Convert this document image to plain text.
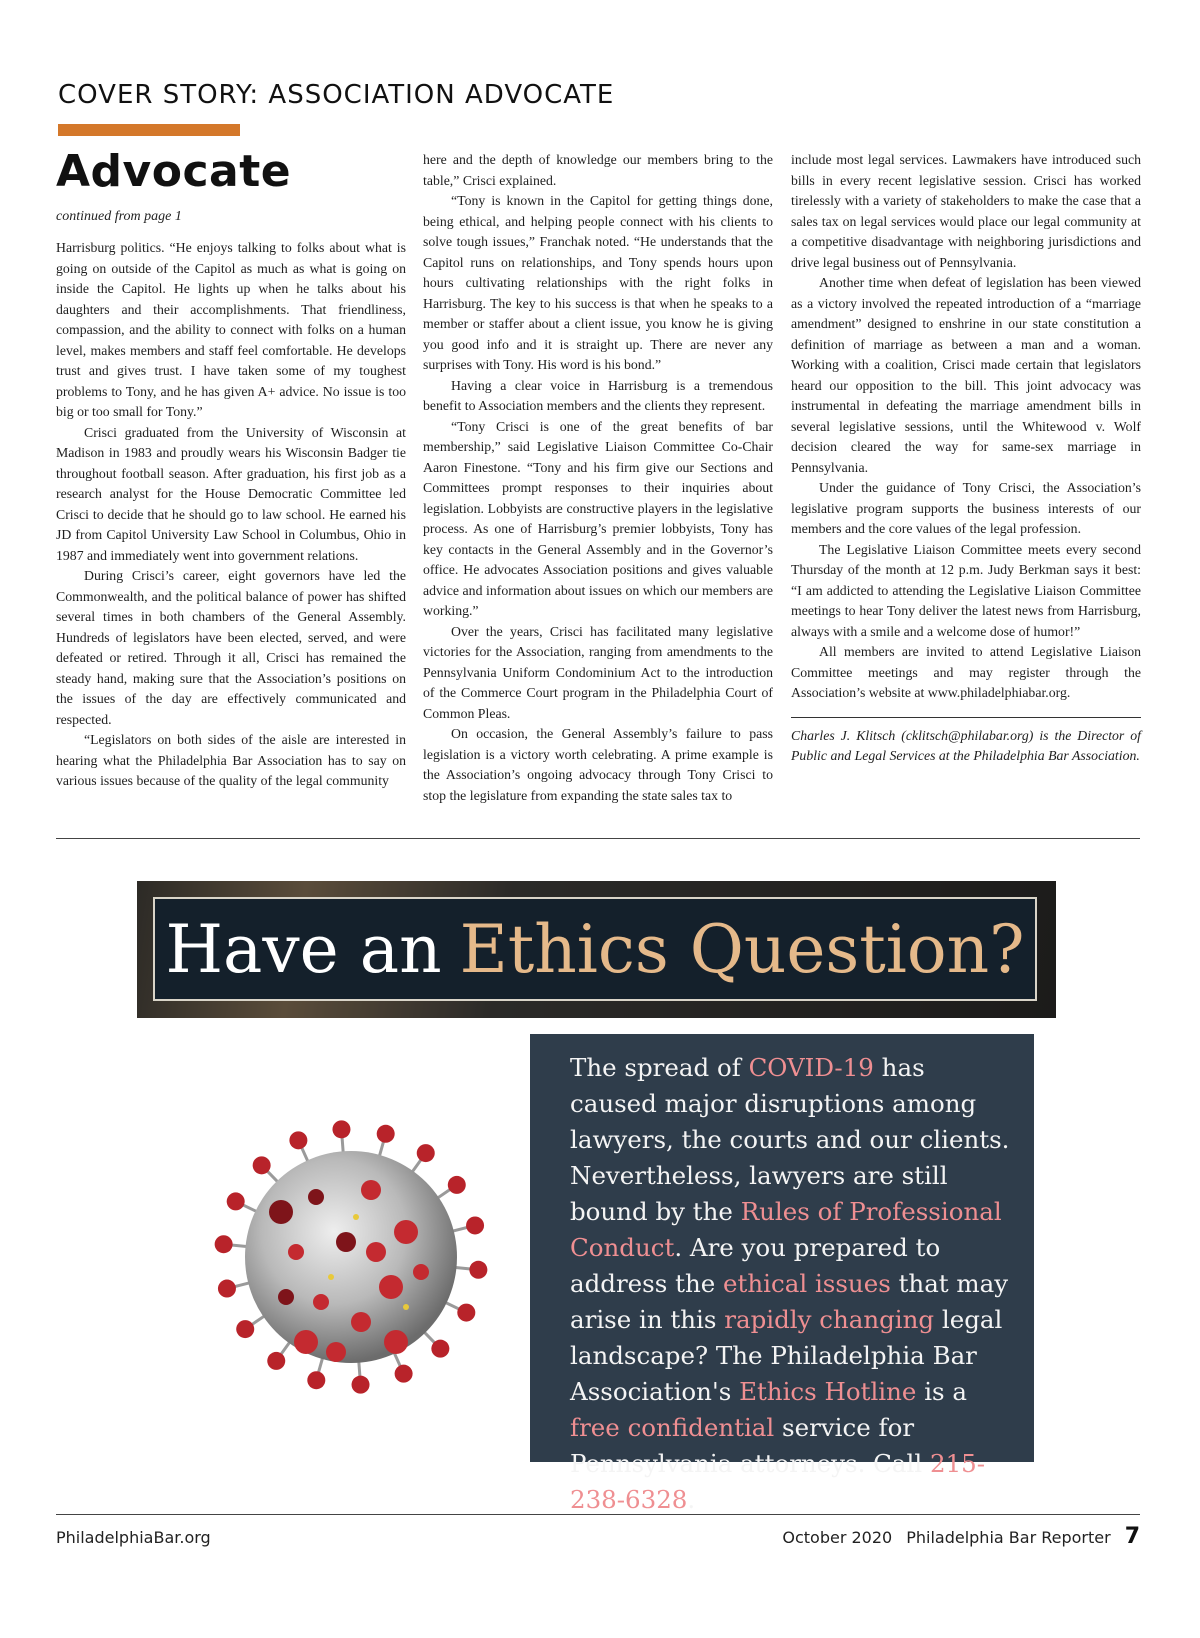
COVER STORY: ASSOCIATION ADVOCATE
Advocate
continued from page 1

Harrisburg politics. “He enjoys talking to folks about what is going on outside of the Capitol as much as what is going on inside the Capitol. He lights up when he talks about his daughters and their accomplishments. That friendliness, compassion, and the ability to connect with folks on a human level, makes members and staff feel comfortable. He develops trust and gives trust. I have taken some of my toughest problems to Tony, and he has given A+ advice. No issue is too big or too small for Tony.”

Crisci graduated from the University of Wisconsin at Madison in 1983 and proudly wears his Wisconsin Badger tie throughout football season. After graduation, his first job as a research analyst for the House Democratic Committee led Crisci to decide that he should go to law school. He earned his JD from Capitol University Law School in Columbus, Ohio in 1987 and immediately went into government relations.

During Crisci’s career, eight governors have led the Commonwealth, and the political balance of power has shifted several times in both chambers of the General Assembly. Hundreds of legislators have been elected, served, and were defeated or retired. Through it all, Crisci has remained the steady hand, making sure that the Association’s positions on the issues of the day are effectively communicated and respected.

“Legislators on both sides of the aisle are interested in hearing what the Philadelphia Bar Association has to say on various issues because of the quality of the legal community

here and the depth of knowledge our members bring to the table,” Crisci explained.

“Tony is known in the Capitol for getting things done, being ethical, and helping people connect with his clients to solve tough issues,” Franchak noted. “He understands that the Capitol runs on relationships, and Tony spends hours upon hours cultivating relationships with the right folks in Harrisburg. The key to his success is that when he speaks to a member or staffer about a client issue, you know he is giving you good info and it is straight up. There are never any surprises with Tony. His word is his bond.”

Having a clear voice in Harrisburg is a tremendous benefit to Association members and the clients they represent.

“Tony Crisci is one of the great benefits of bar membership,” said Legislative Liaison Committee Co-Chair Aaron Finestone. “Tony and his firm give our Sections and Committees prompt responses to their inquiries about legislation. Lobbyists are constructive players in the legislative process. As one of Harrisburg’s premier lobbyists, Tony has key contacts in the General Assembly and in the Governor’s office. He advocates Association positions and gives valuable advice and information about issues on which our members are working.”

Over the years, Crisci has facilitated many legislative victories for the Association, ranging from amendments to the Pennsylvania Uniform Condominium Act to the introduction of the Commerce Court program in the Philadelphia Court of Common Pleas.

On occasion, the General Assembly’s failure to pass legislation is a victory worth celebrating. A prime example is the Association’s ongoing advocacy through Tony Crisci to stop the legislature from expanding the state sales tax to

include most legal services. Lawmakers have introduced such bills in every recent legislative session. Crisci has worked tirelessly with a variety of stakeholders to make the case that a sales tax on legal services would place our legal community at a competitive disadvantage with neighboring jurisdictions and drive legal business out of Pennsylvania.

Another time when defeat of legislation has been viewed as a victory involved the repeated introduction of a “marriage amendment” designed to enshrine in our state constitution a definition of marriage as between a man and a woman. Working with a coalition, Crisci made certain that legislators heard our opposition to the bill. This joint advocacy was instrumental in defeating the marriage amendment bills in several legislative sessions, until the Whitewood v. Wolf decision cleared the way for same-sex marriage in Pennsylvania.

Under the guidance of Tony Crisci, the Association’s legislative program supports the business interests of our members and the core values of the legal profession.

The Legislative Liaison Committee meets every second Thursday of the month at 12 p.m. Judy Berkman says it best: “I am addicted to attending the Legislative Liaison Committee meetings to hear Tony deliver the latest news from Harrisburg, always with a smile and a welcome dose of humor!”

All members are invited to attend Legislative Liaison Committee meetings and may register through the Association’s website at www.philadelphiabar.org.

Charles J. Klitsch (cklitsch@philabar.org) is the Director of Public and Legal Services at the Philadelphia Bar Association.

Have an Ethics Question?

The spread of COVID-19 has caused major disruptions among lawyers, the courts and our clients. Nevertheless, lawyers are still bound by the Rules of Professional Conduct. Are you prepared to address the ethical issues that may arise in this rapidly changing legal landscape? The Philadelphia Bar Association's Ethics Hotline is a free confidential service for Pennsylvania attorneys. Call 215-238-6328.

PhiladelphiaBar.org	October 2020 Philadelphia Bar Reporter 7
